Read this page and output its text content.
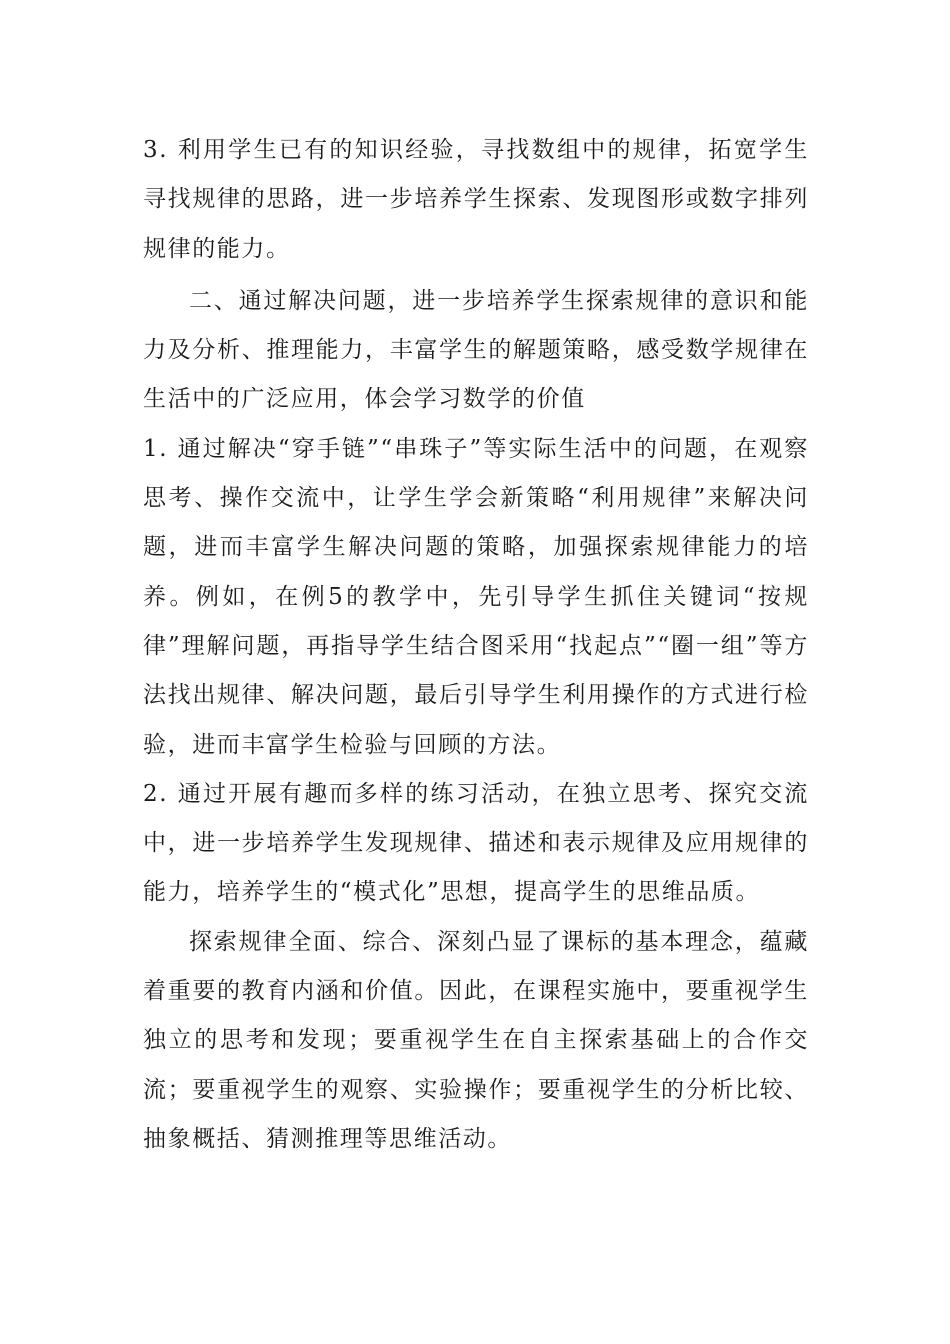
3. 利用学生已有的知识经验，寻找数组中的规律，拓宽学生寻找规律的思路，进一步培养学生探索、发现图形或数字排列规律的能力。

二、通过解决问题，进一步培养学生探索规律的意识和能力及分析、推理能力，丰富学生的解题策略，感受数学规律在生活中的广泛应用，体会学习数学的价值

1. 通过解决“穿手链”“串珠子”等实际生活中的问题，在观察思考、操作交流中，让学生学会新策略“利用规律”来解决问题，进而丰富学生解决问题的策略，加强探索规律能力的培养。例如，在例5的教学中，先引导学生抓住关键词“按规律”理解问题，再指导学生结合图采用“找起点”“圈一组”等方法找出规律、解决问题，最后引导学生利用操作的方式进行检验，进而丰富学生检验与回顾的方法。

2. 通过开展有趣而多样的练习活动，在独立思考、探究交流中，进一步培养学生发现规律、描述和表示规律及应用规律的能力，培养学生的“模式化”思想，提高学生的思维品质。

探索规律全面、综合、深刻凸显了课标的基本理念，蕴藏着重要的教育内涵和价值。因此，在课程实施中，要重视学生独立的思考和发现；要重视学生在自主探索基础上的合作交流；要重视学生的观察、实验操作；要重视学生的分析比较、抽象概括、猜测推理等思维活动。
